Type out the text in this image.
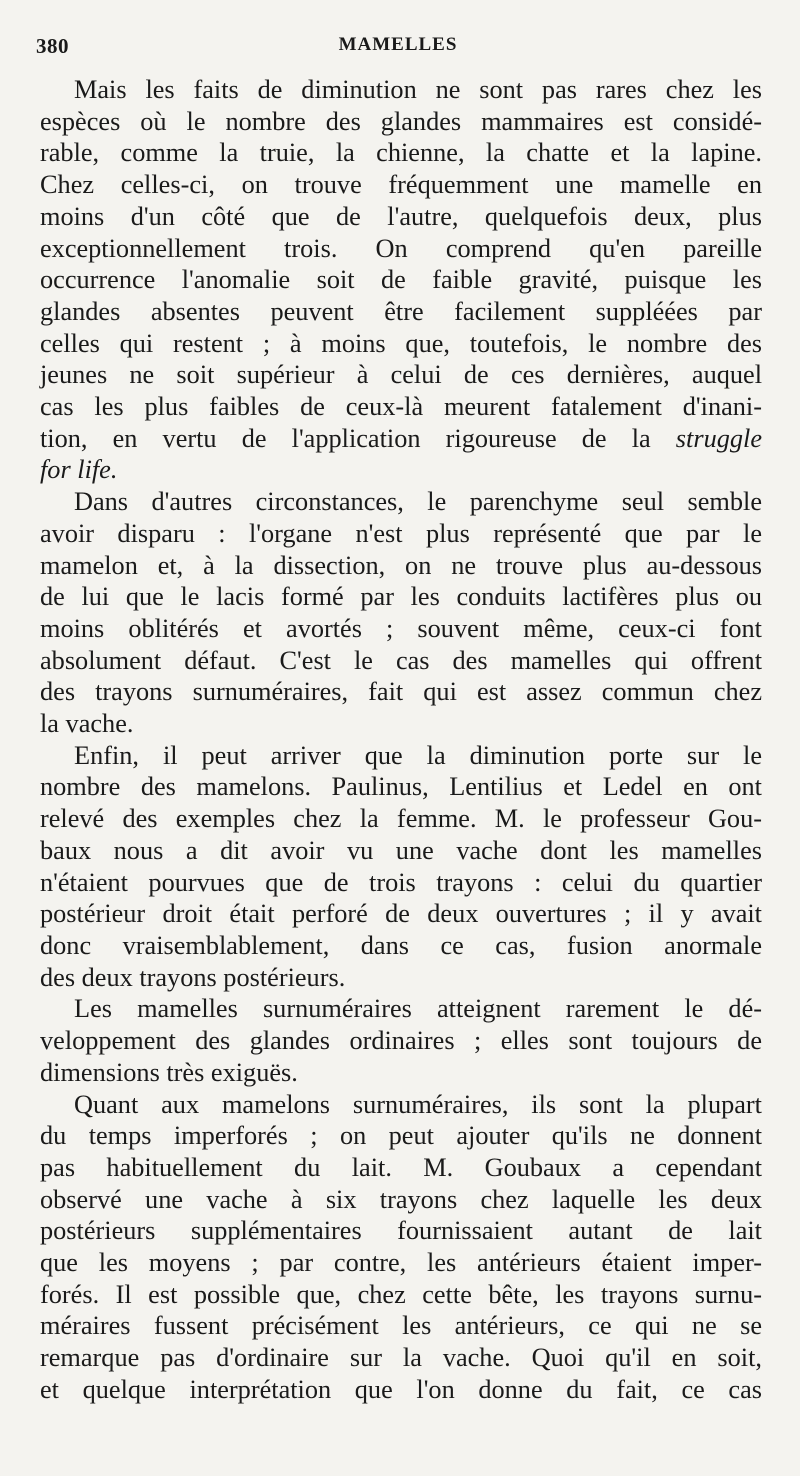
380	MAMELLES

Mais les faits de diminution ne sont pas rares chez les
espèces où le nombre des glandes mammaires est considé-
rable, comme la truie, la chienne, la chatte et la lapine.
Chez celles-ci, on trouve fréquemment une mamelle en
moins d'un côté que de l'autre, quelquefois deux, plus
exceptionnellement trois. On comprend qu'en pareille
occurrence l'anomalie soit de faible gravité, puisque les
glandes absentes peuvent être facilement suppléées par
celles qui restent ; à moins que, toutefois, le nombre des
jeunes ne soit supérieur à celui de ces dernières, auquel
cas les plus faibles de ceux-là meurent fatalement d'inani-
tion, en vertu de l'application rigoureuse de la struggle
for life.

Dans d'autres circonstances, le parenchyme seul semble
avoir disparu : l'organe n'est plus représenté que par le
mamelon et, à la dissection, on ne trouve plus au-dessous
de lui que le lacis formé par les conduits lactifères plus ou
moins oblitérés et avortés ; souvent même, ceux-ci font
absolument défaut. C'est le cas des mamelles qui offrent
des trayons surnuméraires, fait qui est assez commun chez
la vache.

Enfin, il peut arriver que la diminution porte sur le
nombre des mamelons. Paulinus, Lentilius et Ledel en ont
relevé des exemples chez la femme. M. le professeur Gou-
baux nous a dit avoir vu une vache dont les mamelles
n'étaient pourvues que de trois trayons : celui du quartier
postérieur droit était perforé de deux ouvertures ; il y avait
donc vraisemblablement, dans ce cas, fusion anormale
des deux trayons postérieurs.

Les mamelles surnuméraires atteignent rarement le dé-
veloppement des glandes ordinaires ; elles sont toujours de
dimensions très exiguës.

Quant aux mamelons surnuméraires, ils sont la plupart
du temps imperforés ; on peut ajouter qu'ils ne donnent
pas habituellement du lait. M. Goubaux a cependant
observé une vache à six trayons chez laquelle les deux
postérieurs supplémentaires fournissaient autant de lait
que les moyens ; par contre, les antérieurs étaient imper-
forés. Il est possible que, chez cette bête, les trayons surnu-
méraires fussent précisément les antérieurs, ce qui ne se
remarque pas d'ordinaire sur la vache. Quoi qu'il en soit,
et quelque interprétation que l'on donne du fait, ce cas
